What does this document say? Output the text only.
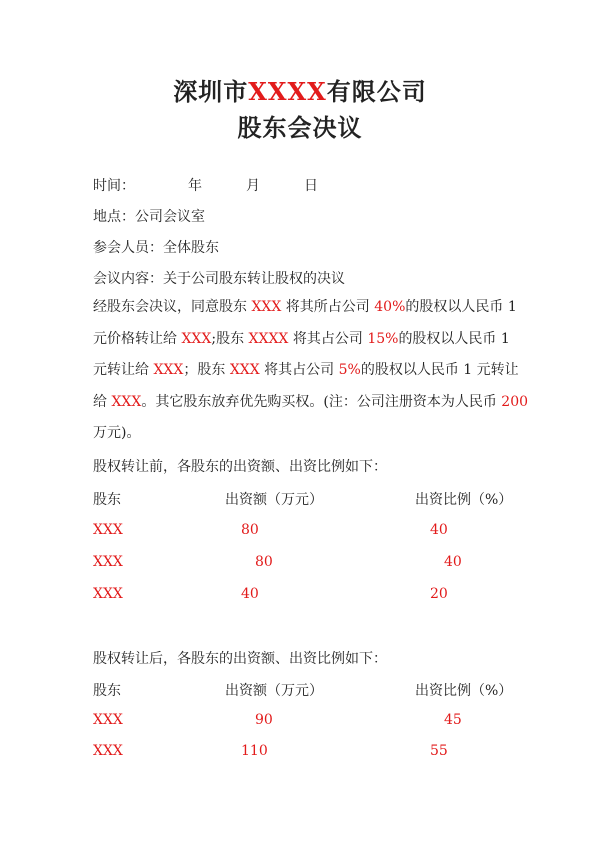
深圳市XXXX有限公司
股东会决议
时间：	年	月	日
地点：公司会议室
参会人员：全体股东
会议内容：关于公司股东转让股权的决议
经股东会决议，同意股东 XXX 将其所占公司 40%的股权以人民币 1
元价格转让给 XXX;股东 XXXX 将其占公司 15%的股权以人民币 1
元转让给 XXX；股东 XXX 将其占公司 5%的股权以人民币 1 元转让
给 XXX。其它股东放弃优先购买权。(注：公司注册资本为人民币 200
万元)。
股权转让前，各股东的出资额、出资比例如下：
股东	出资额（万元）	出资比例（%）
XXX	80	40
XXX	80	40
XXX	40	20
股权转让后，各股东的出资额、出资比例如下：
股东	出资额（万元）	出资比例（%）
XXX	90	45
XXX	110	55
